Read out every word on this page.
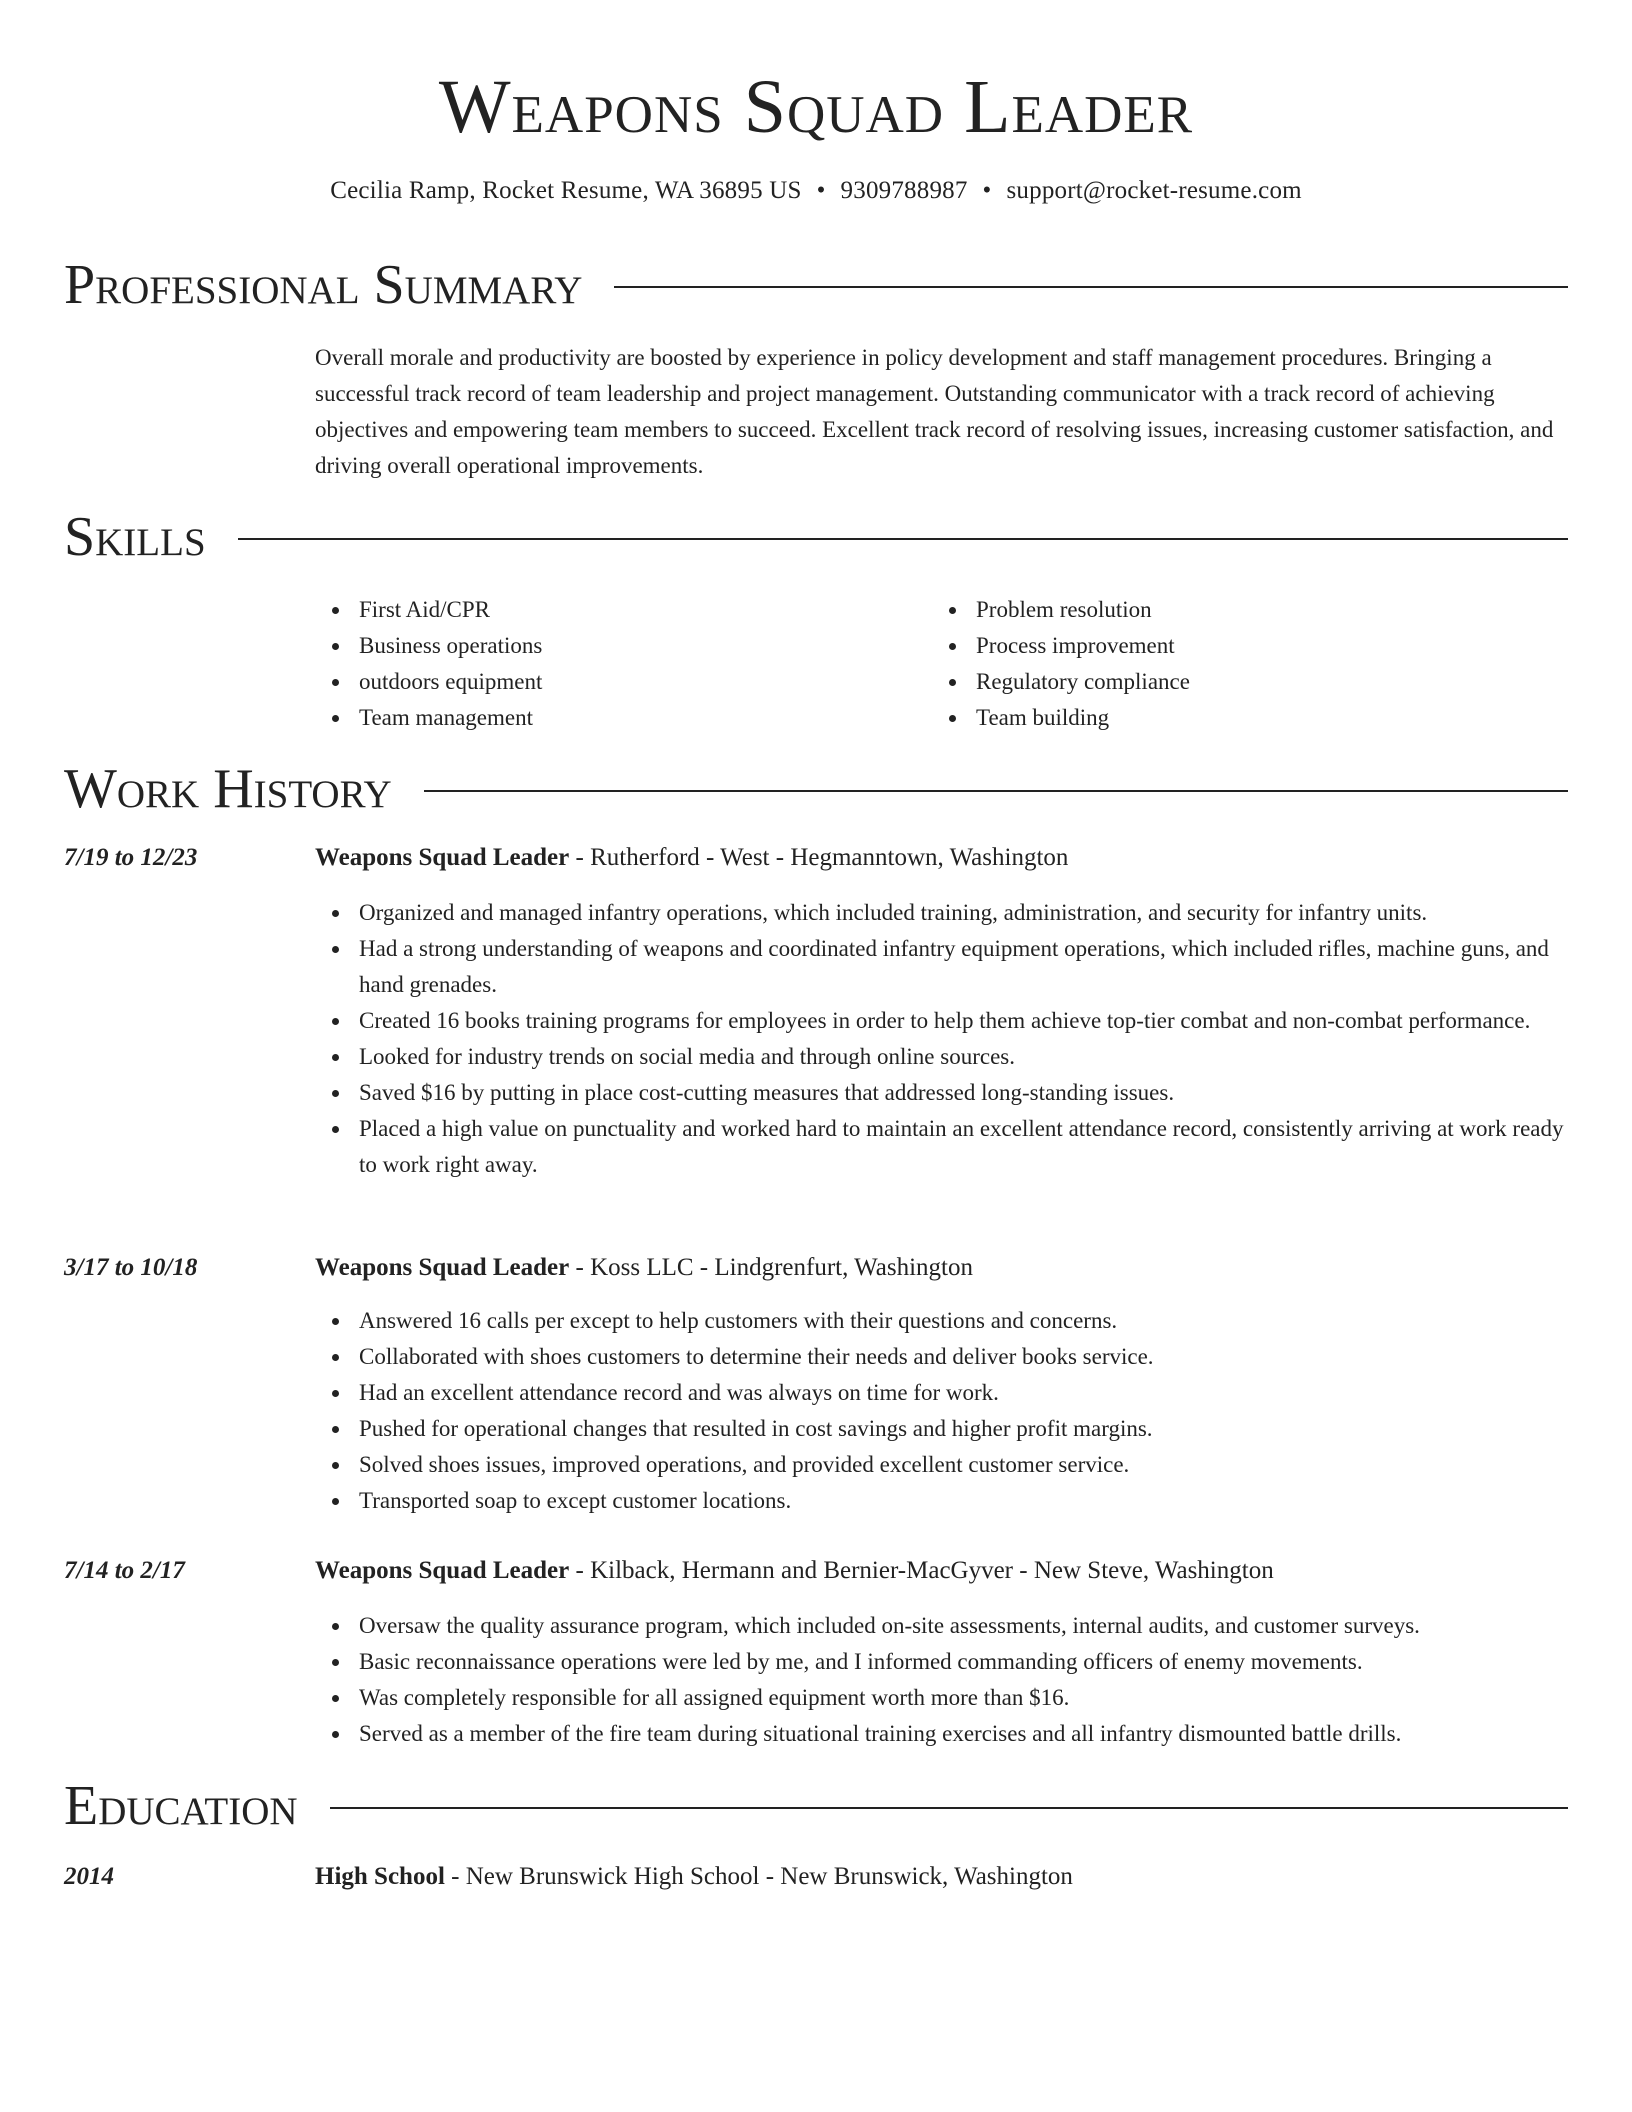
Weapons Squad Leader
Cecilia Ramp, Rocket Resume, WA 36895 US • 9309788987 • support@rocket-resume.com
Professional Summary

Overall morale and productivity are boosted by experience in policy development and staff management procedures. Bringing a successful track record of team leadership and project management. Outstanding communicator with a track record of achieving objectives and empowering team members to succeed. Excellent track record of resolving issues, increasing customer satisfaction, and driving overall operational improvements.

Skills
First Aid/CPR
Business operations
outdoors equipment
Team management
Problem resolution
Process improvement
Regulatory compliance
Team building
Work History
7/19 to 12/23	Weapons Squad Leader - Rutherford - West - Hegmanntown, Washington
Organized and managed infantry operations, which included training, administration, and security for infantry units.
Had a strong understanding of weapons and coordinated infantry equipment operations, which included rifles, machine guns, and hand grenades.
Created 16 books training programs for employees in order to help them achieve top-tier combat and non-combat performance.
Looked for industry trends on social media and through online sources.
Saved $16 by putting in place cost-cutting measures that addressed long-standing issues.
Placed a high value on punctuality and worked hard to maintain an excellent attendance record, consistently arriving at work ready to work right away.
3/17 to 10/18	Weapons Squad Leader - Koss LLC - Lindgrenfurt, Washington
Answered 16 calls per except to help customers with their questions and concerns.
Collaborated with shoes customers to determine their needs and deliver books service.
Had an excellent attendance record and was always on time for work.
Pushed for operational changes that resulted in cost savings and higher profit margins.
Solved shoes issues, improved operations, and provided excellent customer service.
Transported soap to except customer locations.
7/14 to 2/17	Weapons Squad Leader - Kilback, Hermann and Bernier-MacGyver - New Steve, Washington
Oversaw the quality assurance program, which included on-site assessments, internal audits, and customer surveys.
Basic reconnaissance operations were led by me, and I informed commanding officers of enemy movements.
Was completely responsible for all assigned equipment worth more than $16.
Served as a member of the fire team during situational training exercises and all infantry dismounted battle drills.
Education
2014	High School - New Brunswick High School - New Brunswick, Washington
